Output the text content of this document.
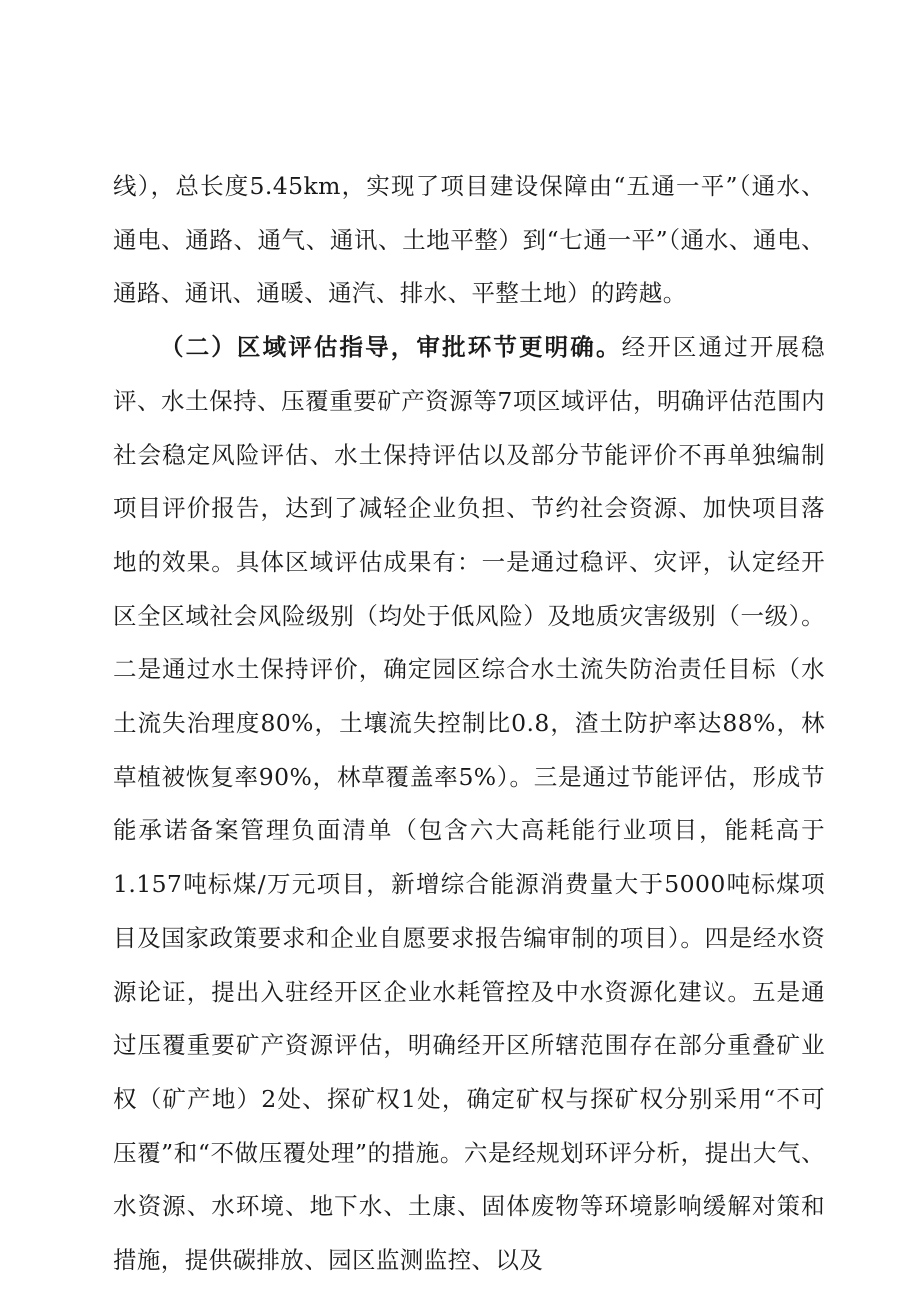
线），总长度5.45km，实现了项目建设保障由“五通一平”（通水、通电、通路、通气、通讯、土地平整）到“七通一平”（通水、通电、通路、通讯、通暖、通汽、排水、平整土地）的跨越。

（二）区域评估指导，审批环节更明确。经开区通过开展稳评、水土保持、压覆重要矿产资源等7项区域评估，明确评估范围内社会稳定风险评估、水土保持评估以及部分节能评价不再单独编制项目评价报告，达到了减轻企业负担、节约社会资源、加快项目落地的效果。具体区域评估成果有：一是通过稳评、灾评，认定经开区全区域社会风险级别（均处于低风险）及地质灾害级别（一级）。二是通过水土保持评价，确定园区综合水土流失防治责任目标（水土流失治理度80%，土壤流失控制比0.8，渣土防护率达88%，林草植被恢复率90%，林草覆盖率5%）。三是通过节能评估，形成节能承诺备案管理负面清单（包含六大高耗能行业项目，能耗高于1.157吨标煤/万元项目，新增综合能源消费量大于5000吨标煤项目及国家政策要求和企业自愿要求报告编审制的项目）。四是经水资源论证，提出入驻经开区企业水耗管控及中水资源化建议。五是通过压覆重要矿产资源评估，明确经开区所辖范围存在部分重叠矿业权（矿产地）2处、探矿权1处，确定矿权与探矿权分别采用“不可压覆”和“不做压覆处理”的措施。六是经规划环评分析，提出大气、水资源、水环境、地下水、土康、固体废物等环境影响缓解对策和措施，提供碳排放、园区监测监控、以及
